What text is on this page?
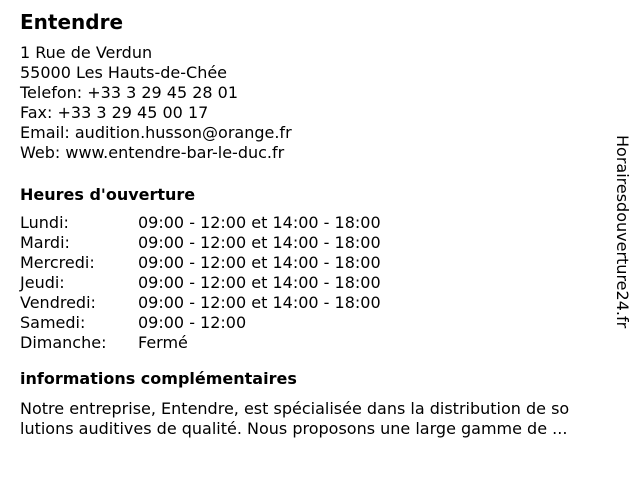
Entendre
1 Rue de Verdun
55000 Les Hauts-de-Chée
Telefon: +33 3 29 45 28 01
Fax: +33 3 29 45 00 17
Email: audition.husson@orange.fr
Web: www.entendre-bar-le-duc.fr
Heures d'ouverture
Lundi:	09:00 - 12:00 et 14:00 - 18:00
Mardi:	09:00 - 12:00 et 14:00 - 18:00
Mercredi:	09:00 - 12:00 et 14:00 - 18:00
Jeudi:	09:00 - 12:00 et 14:00 - 18:00
Vendredi:	09:00 - 12:00 et 14:00 - 18:00
Samedi:	09:00 - 12:00
Dimanche:	Fermé
informations complémentaires
Notre entreprise, Entendre, est spécialisée dans la distribution de so
lutions auditives de qualité. Nous proposons une large gamme de ...
Horairesdouverture24.fr
